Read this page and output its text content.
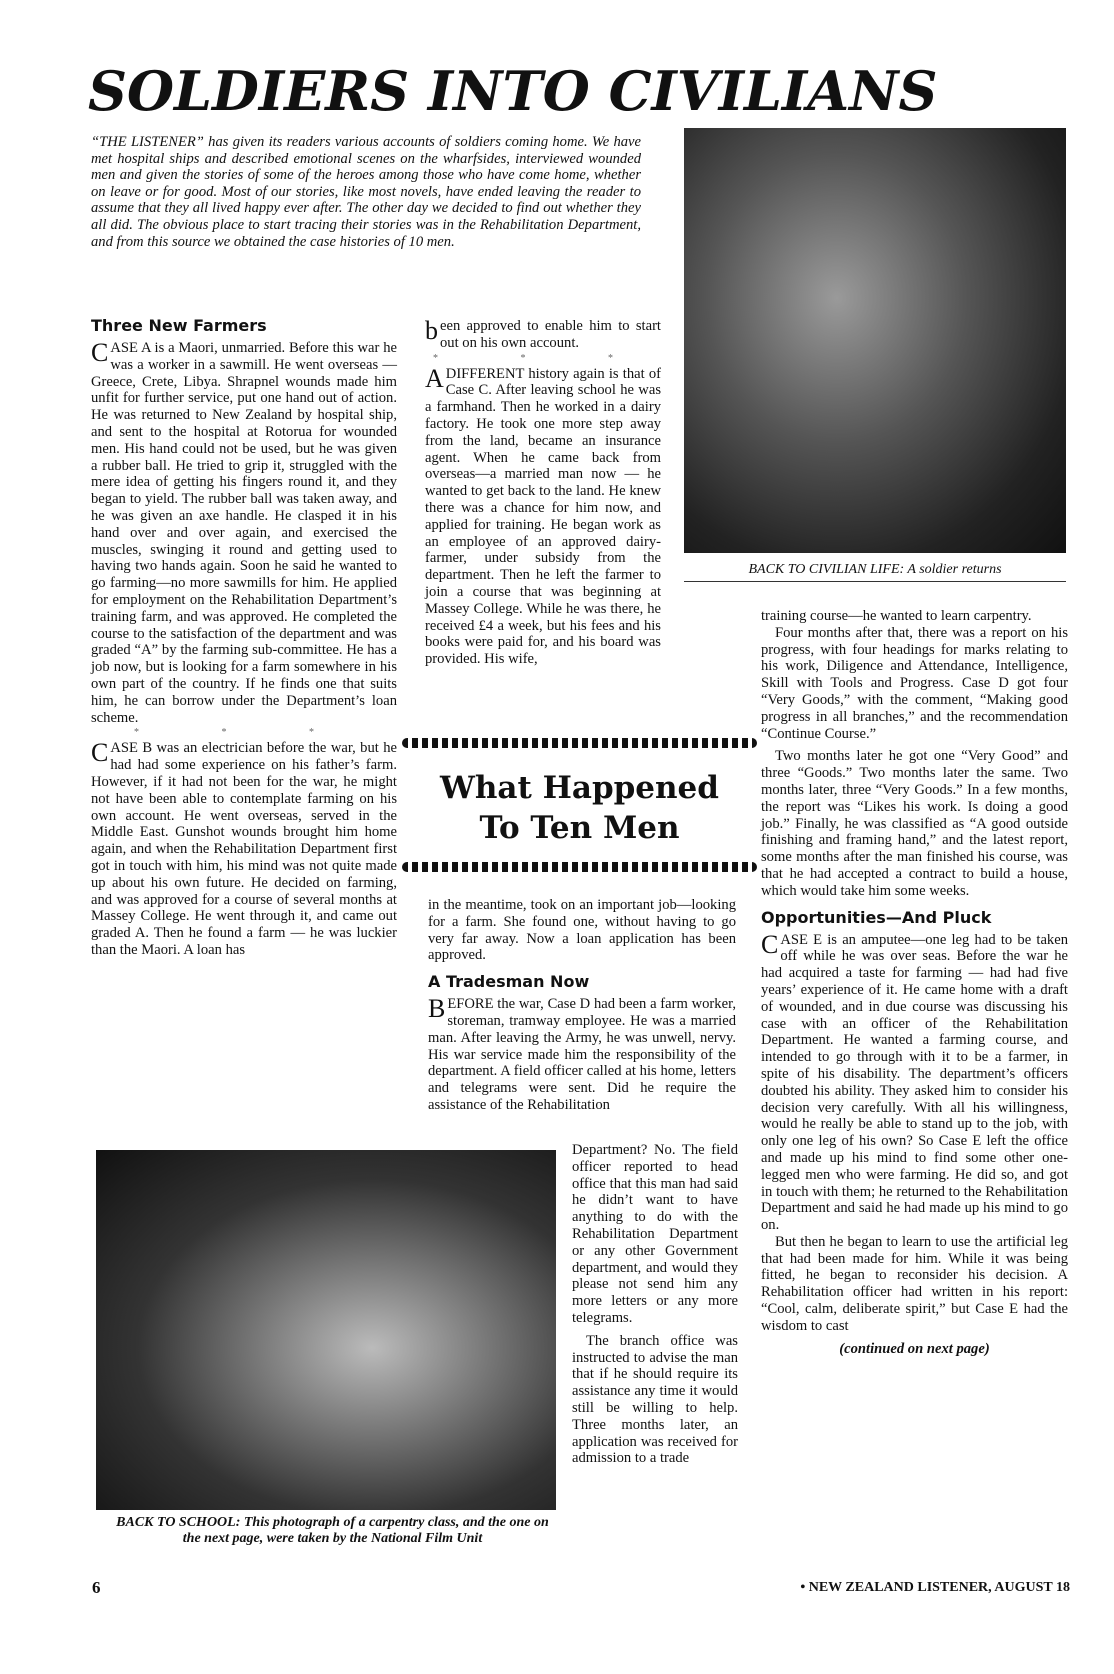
SOLDIERS INTO CIVILIANS
“THE LISTENER” has given its readers various accounts of soldiers coming home. We have met hospital ships and described emotional scenes on the wharfsides, interviewed wounded men and given the stories of some of the heroes among those who have come home, whether on leave or for good. Most of our stories, like most novels, have ended leaving the reader to assume that they all lived happy ever after. The other day we decided to find out whether they all did. The obvious place to start tracing their stories was in the Rehabilitation Department, and from this source we obtained the case histories of 10 men.
BACK TO CIVILIAN LIFE: A soldier returns
Three New Farmers

CASE A is a Maori, unmarried. Before this war he was a worker in a sawmill. He went overseas — Greece, Crete, Libya. Shrapnel wounds made him unfit for further service, put one hand out of action. He was returned to New Zealand by hospital ship, and sent to the hospital at Rotorua for wounded men. His hand could not be used, but he was given a rubber ball. He tried to grip it, struggled with the mere idea of getting his fingers round it, and they began to yield. The rubber ball was taken away, and he was given an axe handle. He clasped it in his hand over and over again, and exercised the muscles, swinging it round and getting used to having two hands again. Soon he said he wanted to go farming—no more sawmills for him. He applied for employment on the Rehabilitation Department’s training farm, and was approved. He completed the course to the satisfaction of the department and was graded “A” by the farming sub-committee. He has a job now, but is looking for a farm somewhere in his own part of the country. If he finds one that suits him, he can borrow under the Department’s loan scheme.

* * *

CASE B was an electrician before the war, but he had had some experience on his father’s farm. However, if it had not been for the war, he might not have been able to contemplate farming on his own account. He went overseas, served in the Middle East. Gunshot wounds brought him home again, and when the Rehabilitation Department first got in touch with him, his mind was not quite made up about his own future. He decided on farming, and was approved for a course of several months at Massey College. He went through it, and came out graded A. Then he found a farm — he was luckier than the Maori. A loan has

been approved to enable him to start out on his own account.

* * *

ADIFFERENT history again is that of Case C. After leaving school he was a farmhand. Then he worked in a dairy factory. He took one more step away from the land, became an insurance agent. When he came back from overseas—a married man now — he wanted to get back to the land. He knew there was a chance for him now, and applied for training. He began work as an employee of an approved dairy-farmer, under subsidy from the department. Then he left the farmer to join a course that was beginning at Massey College. While he was there, he received £4 a week, but his fees and his books were paid for, and his board was provided. His wife,

What Happened
To Ten Men

in the meantime, took on an important job—looking for a farm. She found one, without having to go very far away. Now a loan application has been approved.

A Tradesman Now

BEFORE the war, Case D had been a farm worker, storeman, tramway employee. He was a married man. After leaving the Army, he was unwell, nervy. His war service made him the responsibility of the department. A field officer called at his home, letters and telegrams were sent. Did he require the assistance of the Rehabilitation

BACK TO SCHOOL: This photograph of a carpentry class, and the one on the next page, were taken by the National Film Unit

Department? No. The field officer reported to head office that this man had said he didn’t want to have anything to do with the Rehabilitation Department or any other Government department, and would they please not send him any more letters or any more telegrams.

The branch office was instructed to advise the man that if he should require its assistance any time it would still be willing to help. Three months later, an application was received for admission to a trade

training course—he wanted to learn carpentry.

Four months after that, there was a report on his progress, with four headings for marks relating to his work, Diligence and Attendance, Intelligence, Skill with Tools and Progress. Case D got four “Very Goods,” with the comment, “Making good progress in all branches,” and the recommendation “Continue Course.”

Two months later he got one “Very Good” and three “Goods.” Two months later the same. Two months later, three “Very Goods.” In a few months, the report was “Likes his work. Is doing a good job.” Finally, he was classified as “A good outside finishing and framing hand,” and the latest report, some months after the man finished his course, was that he had accepted a contract to build a house, which would take him some weeks.

Opportunities—And Pluck

CASE E is an amputee—one leg had to be taken off while he was over seas. Before the war he had acquired a taste for farming — had had five years’ experience of it. He came home with a draft of wounded, and in due course was discussing his case with an officer of the Rehabilitation Department. He wanted a farming course, and intended to go through with it to be a farmer, in spite of his disability. The department’s officers doubted his ability. They asked him to consider his decision very carefully. With all his willingness, would he really be able to stand up to the job, with only one leg of his own? So Case E left the office and made up his mind to find some other one-legged men who were farming. He did so, and got in touch with them; he returned to the Rehabilitation Department and said he had made up his mind to go on.

But then he began to learn to use the artificial leg that had been made for him. While it was being fitted, he began to reconsider his decision. A Rehabilitation officer had written in his report: “Cool, calm, deliberate spirit,” but Case E had the wisdom to cast

(continued on next page)
6	• NEW ZEALAND LISTENER, AUGUST 18
